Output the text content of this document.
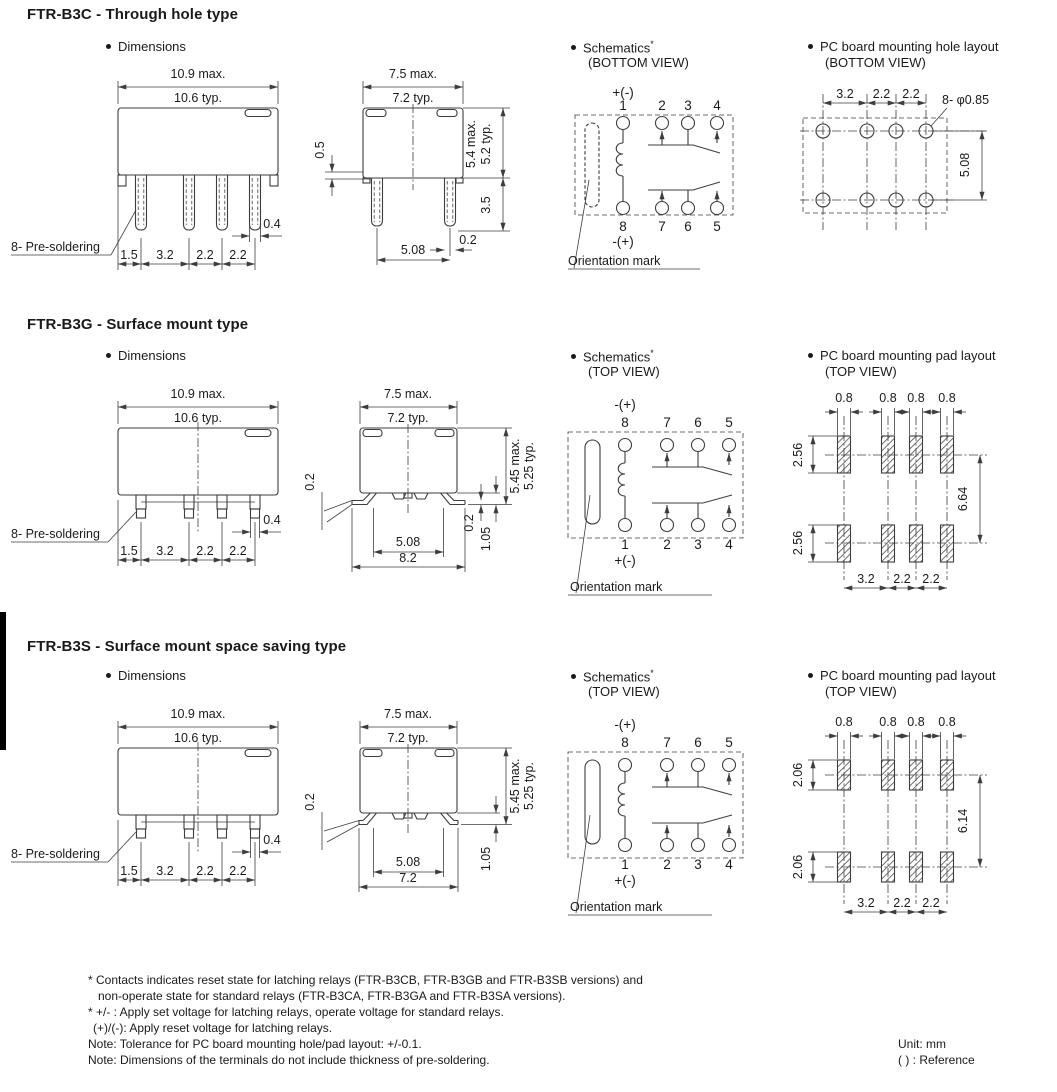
FTR-B3C - Through hole type
Dimensions	Schematics*
(BOTTOM VIEW)
PC board mounting hole layout
(BOTTOM VIEW)
10.9 max.
10.6 typ.
1.5 3.2 2.2 2.2
0.4
8- Pre-soldering
7.5 max.
7.2 typ.
0.5	5.4 max. 5.2 typ.
3.5
5.08
0.2
+(-)
1 2 3 4
8 7 6 5
-(+)
Orientation mark
3.2 2.2 2.2 8- φ0.85
5.08
FTR-B3G - Surface mount type
Dimensions	Schematics*
(TOP VIEW)
PC board mounting pad layout
(TOP VIEW)
10.9 max.
10.6 typ.
1.5 3.2 2.2 2.2
0.4
8- Pre-soldering
7.5 max.
7.2 typ.
0.2	5.45 max. 5.25 typ.
0.2
1.05
5.08
8.2
-(+)
8	7 6 5
1	2 3 4
+(-)
Orientation mark
0.8 0.8 0.8 0.8
2.56
2.56
6.64
3.2 2.2 2.2
FTR-B3S - Surface mount space saving type
Dimensions	Schematics*
(TOP VIEW)
PC board mounting pad layout
(TOP VIEW)
10.9 max.
10.6 typ.
1.5 3.2 2.2 2.2
0.4
8- Pre-soldering
7.5 max.
7.2 typ.
0.2	5.45 max. 5.25 typ.
1.05
5.08
7.2
-(+)
8	7 6 5
1	2 3 4
+(-)
Orientation mark
0.8 0.8 0.8 0.8
2.06
2.06
6.14
3.2 2.2 2.2
* Contacts indicates reset state for latching relays (FTR-B3CB, FTR-B3GB and FTR-B3SB versions) and
non-operate state for standard relays (FTR-B3CA, FTR-B3GA and FTR-B3SA versions).
* +/- : Apply set voltage for latching relays, operate voltage for standard relays.
(+)/(-): Apply reset voltage for latching relays.
Note: Tolerance for PC board mounting hole/pad layout: +/-0.1.
Note: Dimensions of the terminals do not include thickness of pre-soldering.
Unit: mm
( ) : Reference
